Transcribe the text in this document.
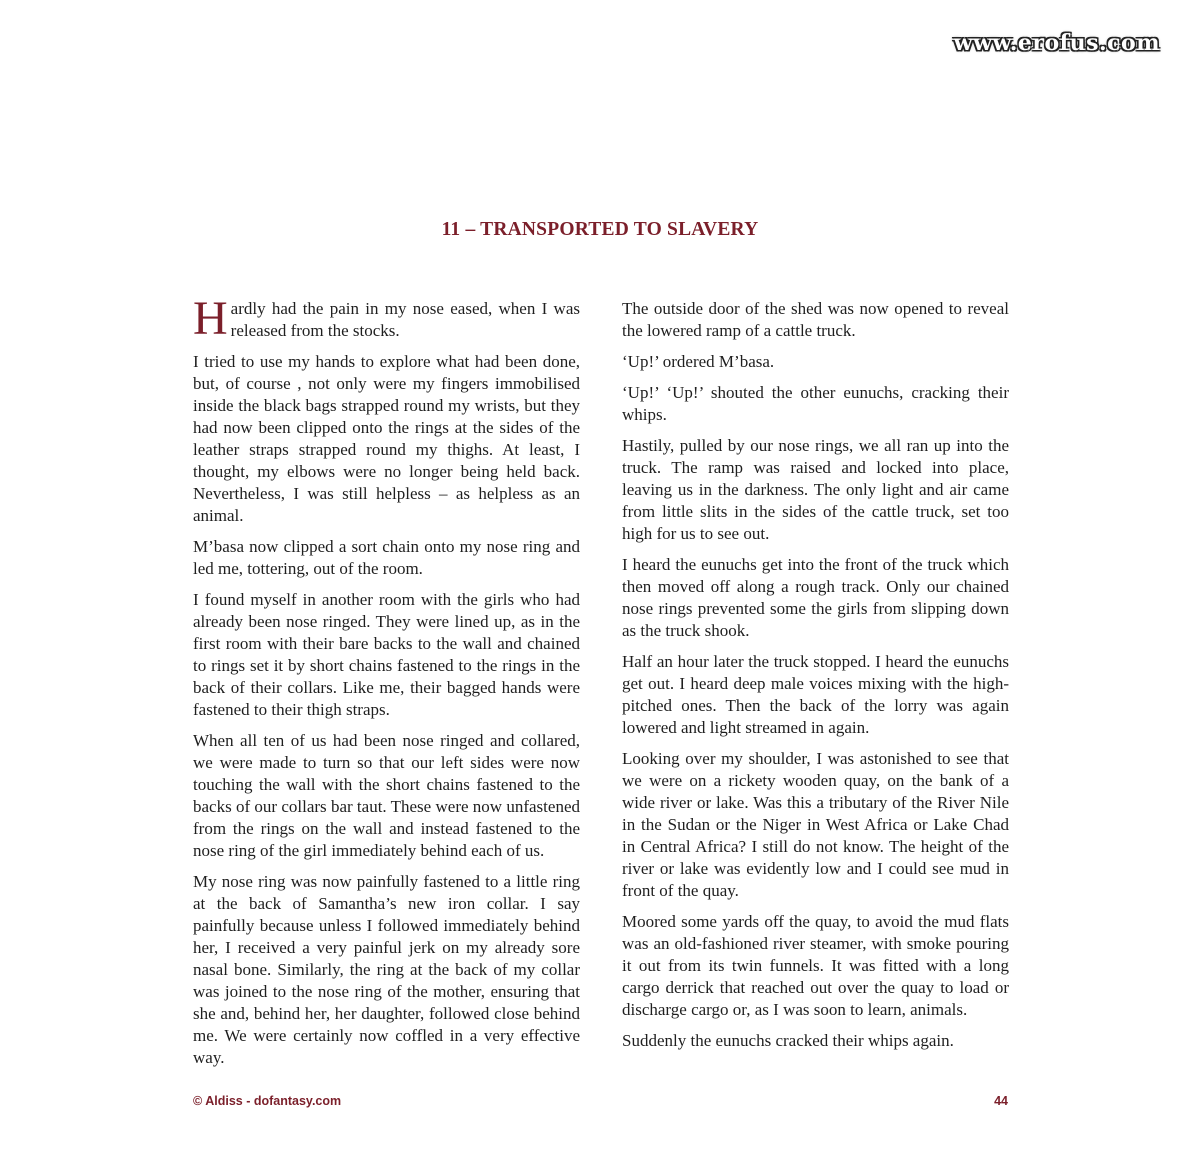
www.erofus.com
11 – TRANSPORTED TO SLAVERY

Hardly had the pain in my nose eased, when I was released from the stocks.

I tried to use my hands to explore what had been done, but, of course , not only were my fingers immobilised inside the black bags strapped round my wrists, but they had now been clipped onto the rings at the sides of the leather straps strapped round my thighs. At least, I thought, my elbows were no longer being held back. Nevertheless, I was still helpless – as helpless as an animal.

M’basa now clipped a sort chain onto my nose ring and led me, tottering, out of the room.

I found myself in another room with the girls who had already been nose ringed. They were lined up, as in the first room with their bare backs to the wall and chained to rings set it by short chains fastened to the rings in the back of their collars. Like me, their bagged hands were fastened to their thigh straps.

When all ten of us had been nose ringed and collared, we were made to turn so that our left sides were now touching the wall with the short chains fastened to the backs of our collars bar taut. These were now unfastened from the rings on the wall and instead fastened to the nose ring of the girl immediately behind each of us.

My nose ring was now painfully fastened to a little ring at the back of Samantha’s new iron collar. I say painfully because unless I followed immediately behind her, I received a very painful jerk on my already sore nasal bone. Similarly, the ring at the back of my collar was joined to the nose ring of the mother, ensuring that she and, behind her, her daughter, followed close behind me. We were certainly now coffled in a very effective way.

The outside door of the shed was now opened to reveal the lowered ramp of a cattle truck.

‘Up!’ ordered M’basa.

‘Up!’ ‘Up!’ shouted the other eunuchs, cracking their whips.

Hastily, pulled by our nose rings, we all ran up into the truck. The ramp was raised and locked into place, leaving us in the darkness. The only light and air came from little slits in the sides of the cattle truck, set too high for us to see out.

I heard the eunuchs get into the front of the truck which then moved off along a rough track. Only our chained nose rings prevented some the girls from slipping down as the truck shook.

Half an hour later the truck stopped. I heard the eunuchs get out. I heard deep male voices mixing with the high-pitched ones. Then the back of the lorry was again lowered and light streamed in again.

Looking over my shoulder, I was astonished to see that we were on a rickety wooden quay, on the bank of a wide river or lake. Was this a tributary of the River Nile in the Sudan or the Niger in West Africa or Lake Chad in Central Africa? I still do not know. The height of the river or lake was evidently low and I could see mud in front of the quay.

Moored some yards off the quay, to avoid the mud flats was an old-fashioned river steamer, with smoke pouring it out from its twin funnels. It was fitted with a long cargo derrick that reached out over the quay to load or discharge cargo or, as I was soon to learn, animals.

Suddenly the eunuchs cracked their whips again.

© Aldiss - dofantasy.com	44
